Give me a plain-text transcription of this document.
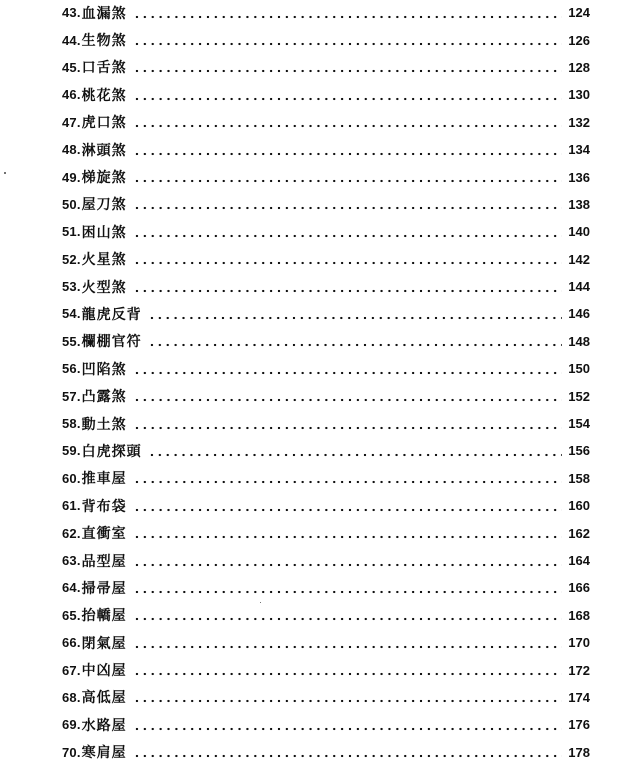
43. 血漏煞	124
44. 生物煞	126
45. 口舌煞	128
46. 桃花煞	130
47. 虎口煞	132
48. 淋頭煞	134
49. 梯旋煞	136
50. 屋刀煞	138
51. 困山煞	140
52. 火星煞	142
53. 火型煞	144
54. 龍虎反背	146
55. 欄棚官符	148
56. 凹陷煞	150
57. 凸露煞	152
58. 動土煞	154
59. 白虎探頭	156
60. 推車屋	158
61. 背布袋	160
62. 直衝室	162
63. 品型屋	164
64. 掃帚屋	166
65. 抬轎屋	168
66. 閉氣屋	170
67. 中凶屋	172
68. 高低屋	174
69. 水路屋	176
70. 寒肩屋	178
